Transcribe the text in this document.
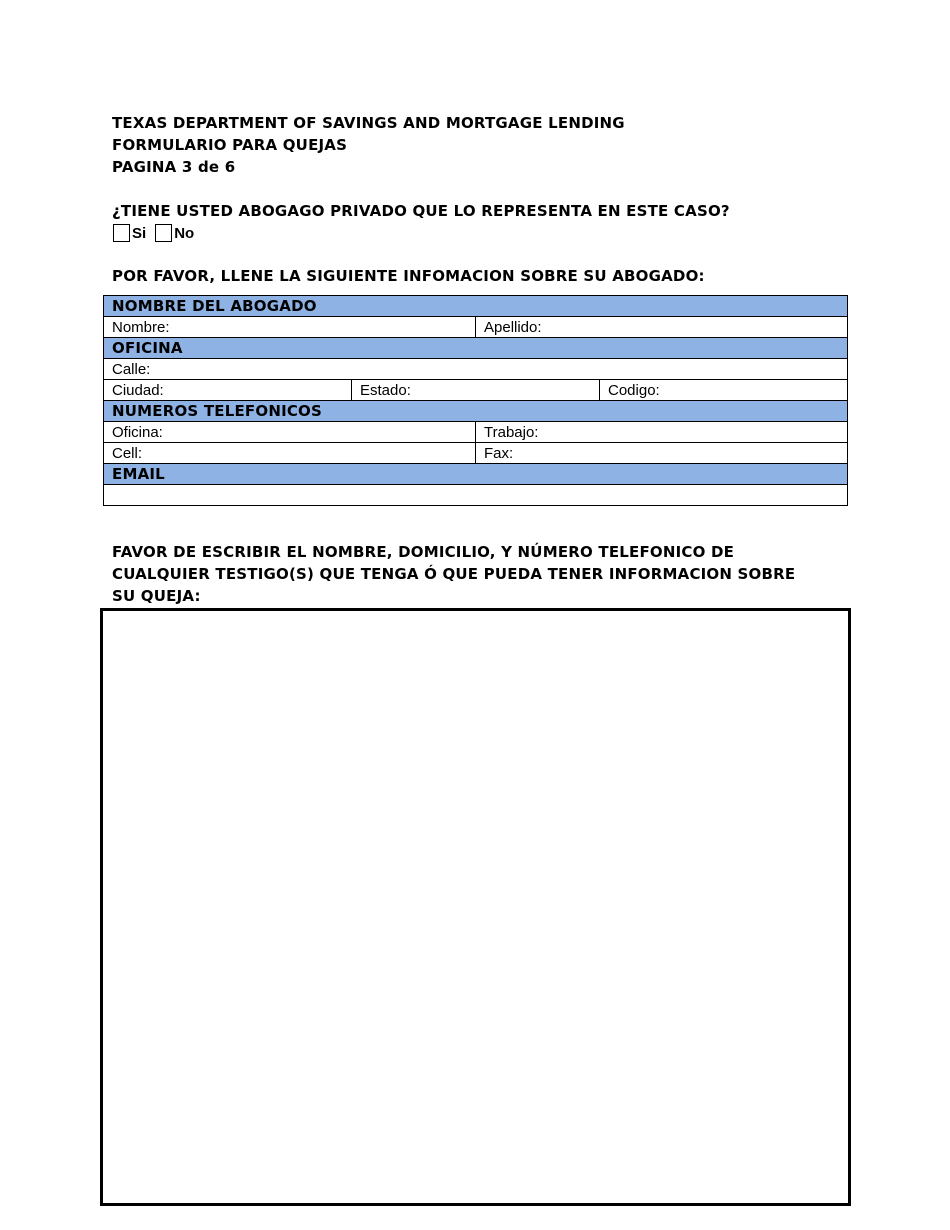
TEXAS DEPARTMENT OF SAVINGS AND MORTGAGE LENDING
FORMULARIO PARA QUEJAS
PAGINA 3 de 6
¿TIENE USTED ABOGAGO PRIVADO QUE LO REPRESENTA EN ESTE CASO?
Si No
POR FAVOR, LLENE LA SIGUIENTE INFOMACION SOBRE SU ABOGADO:
NOMBRE DEL ABOGADO			
Nombre:		Apellido:	
OFICINA			
Calle:			
Ciudad:	Estado:		Codigo:
NUMEROS TELEFONICOS			
Oficina:		Trabajo:	
Cell:		Fax:	
EMAIL			

FAVOR DE ESCRIBIR EL NOMBRE, DOMICILIO, Y NÚMERO TELEFONICO DE
CUALQUIER TESTIGO(S) QUE TENGA Ó QUE PUEDA TENER INFORMACION SOBRE
SU QUEJA:
